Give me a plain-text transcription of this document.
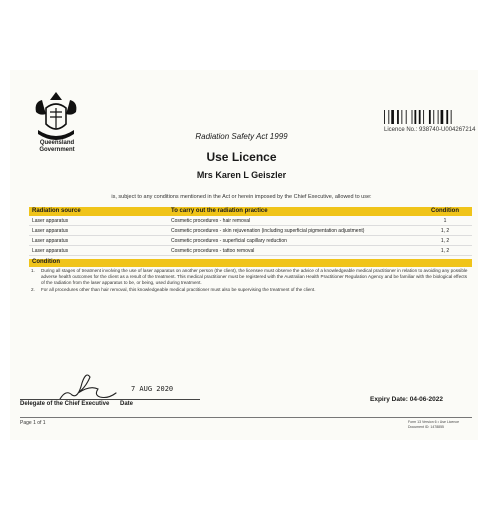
Queensland Government
Licence No.: 938740-U004267214
Radiation Safety Act 1999
Use Licence
Mrs Karen L Geiszler
is, subject to any conditions mentioned in the Act or herein imposed by the Chief Executive, allowed to use:
Radiation source	To carry out the radiation practice	Condition
Laser apparatus	Cosmetic procedures - hair removal	1
Laser apparatus	Cosmetic procedures - skin rejuvenation (including superficial pigmentation adjustment)	1, 2
Laser apparatus	Cosmetic procedures - superficial capillary reduction	1, 2
Laser apparatus	Cosmetic procedures - tattoo removal	1, 2
Condition
1. During all stages of treatment involving the use of laser apparatus on another person (the client), the licensee must observe the advice of a knowledgeable medical practitioner in relation to avoiding any possible adverse health outcomes for the client as a result of the treatment. This medical practitioner must be registered with the Australian Health Practitioner Regulation Agency and be familiar with the biological effects of the radiation from the laser apparatus to be, or being, used during treatment.
2. For all procedures other than hair removal, this knowledgeable medical practitioner must also be supervising the treatment of the client.
7 AUG 2020
Delegate of the Chief Executive Date
Expiry Date: 04-06-2022
Page 1 of 1	Form 13 Version 6 • Use Licence
Document ID: 1478855
